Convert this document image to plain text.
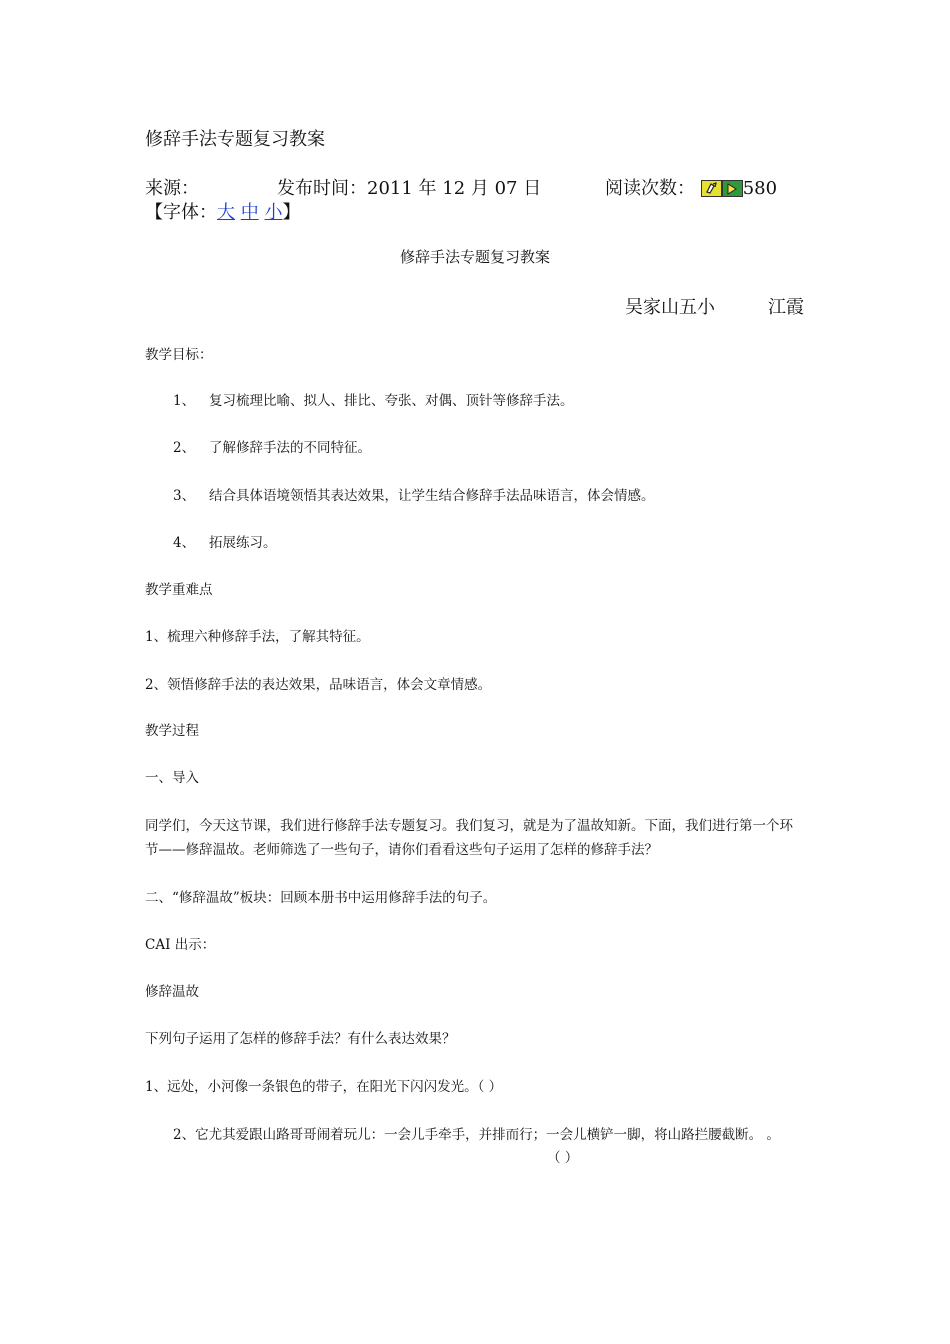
修辞手法专题复习教案
来源：	发布时间：2011 年 12 月 07 日	阅读次数：	580
【字体：大 中 小】
修辞手法专题复习教案
吴家山五小	江霞
教学目标：
1、 复习梳理比喻、拟人、排比、夸张、对偶、顶针等修辞手法。
2、 了解修辞手法的不同特征。
3、 结合具体语境领悟其表达效果，让学生结合修辞手法品味语言，体会情感。
4、 拓展练习。
教学重难点
1、梳理六种修辞手法，了解其特征。
2、领悟修辞手法的表达效果，品味语言，体会文章情感。
教学过程
一、导入
同学们，今天这节课，我们进行修辞手法专题复习。我们复习，就是为了温故知新。下面，我们进行第一个环
节——修辞温故。老师筛选了一些句子，请你们看看这些句子运用了怎样的修辞手法？
二、“修辞温故”板块：回顾本册书中运用修辞手法的句子。
CAI 出示：
修辞温故
下列句子运用了怎样的修辞手法？有什么表达效果？
1、远处，小河像一条银色的带子，在阳光下闪闪发光。（ ）
2、它尤其爱跟山路哥哥闹着玩儿：一会儿手牵手，并排而行；一会儿横铲一脚，将山路拦腰截断。 。
（ ）
